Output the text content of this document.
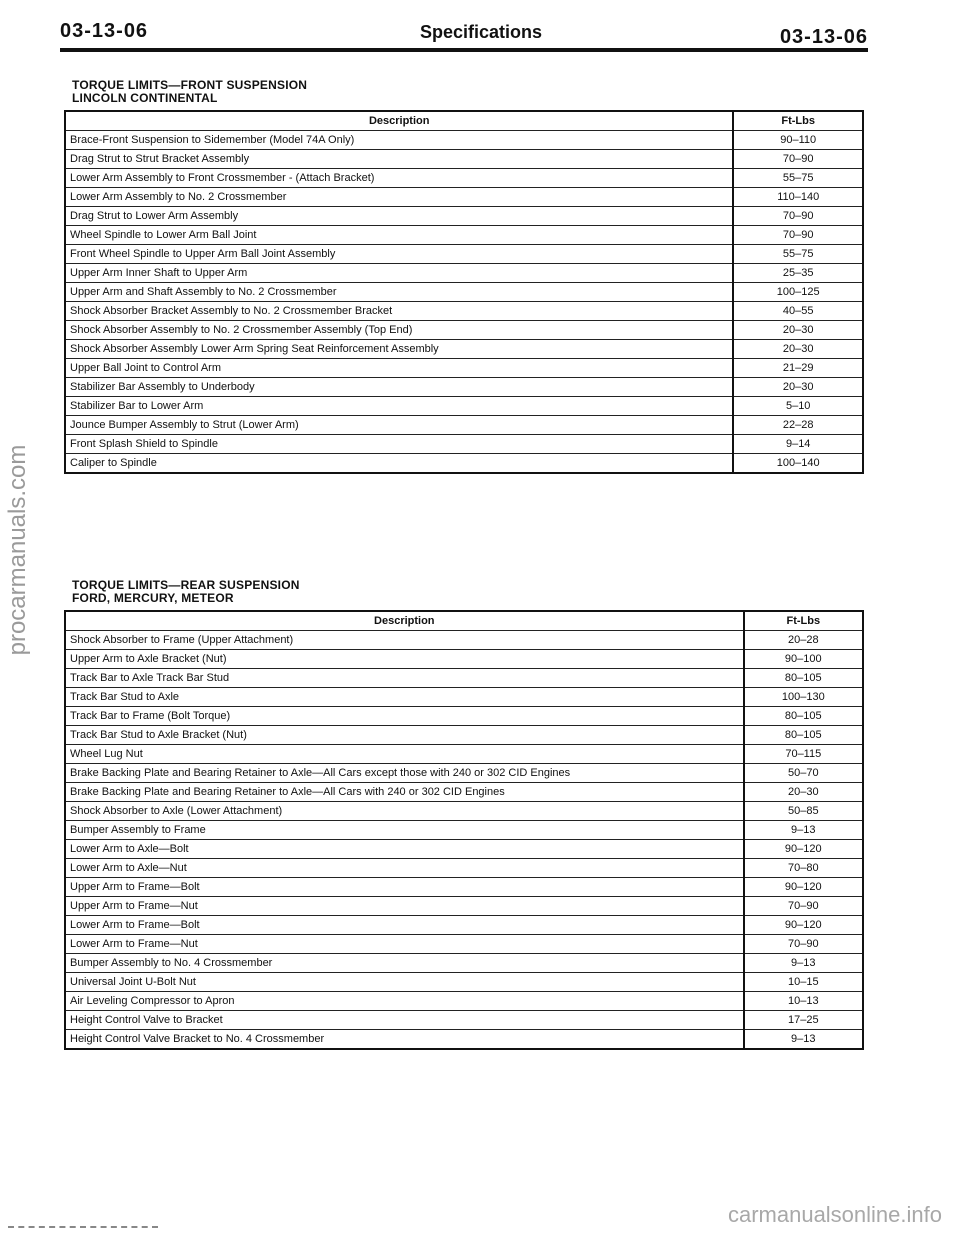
03-13-06	Specifications	03-13-06
TORQUE LIMITS—FRONT SUSPENSION
LINCOLN CONTINENTAL
Description	Ft-Lbs
Brace-Front Suspension to Sidemember (Model 74A Only)	90–110
Drag Strut to Strut Bracket Assembly	70–90
Lower Arm Assembly to Front Crossmember - (Attach Bracket)	55–75
Lower Arm Assembly to No. 2 Crossmember	110–140
Drag Strut to Lower Arm Assembly	70–90
Wheel Spindle to Lower Arm Ball Joint	70–90
Front Wheel Spindle to Upper Arm Ball Joint Assembly	55–75
Upper Arm Inner Shaft to Upper Arm	25–35
Upper Arm and Shaft Assembly to No. 2 Crossmember	100–125
Shock Absorber Bracket Assembly to No. 2 Crossmember Bracket	40–55
Shock Absorber Assembly to No. 2 Crossmember Assembly (Top End)	20–30
Shock Absorber Assembly Lower Arm Spring Seat Reinforcement Assembly	20–30
Upper Ball Joint to Control Arm	21–29
Stabilizer Bar Assembly to Underbody	20–30
Stabilizer Bar to Lower Arm	5–10
Jounce Bumper Assembly to Strut (Lower Arm)	22–28
Front Splash Shield to Spindle	9–14
Caliper to Spindle	100–140
TORQUE LIMITS—REAR SUSPENSION
FORD, MERCURY, METEOR
Description	Ft-Lbs
Shock Absorber to Frame (Upper Attachment)	20–28
Upper Arm to Axle Bracket (Nut)	90–100
Track Bar to Axle Track Bar Stud	80–105
Track Bar Stud to Axle	100–130
Track Bar to Frame (Bolt Torque)	80–105
Track Bar Stud to Axle Bracket (Nut)	80–105
Wheel Lug Nut	70–115
Brake Backing Plate and Bearing Retainer to Axle—All Cars except those with 240 or 302 CID Engines	50–70
Brake Backing Plate and Bearing Retainer to Axle—All Cars with 240 or 302 CID Engines	20–30
Shock Absorber to Axle (Lower Attachment)	50–85
Bumper Assembly to Frame	9–13
Lower Arm to Axle—Bolt	90–120
Lower Arm to Axle—Nut	70–80
Upper Arm to Frame—Bolt	90–120
Upper Arm to Frame—Nut	70–90
Lower Arm to Frame—Bolt	90–120
Lower Arm to Frame—Nut	70–90
Bumper Assembly to No. 4 Crossmember	9–13
Universal Joint U-Bolt Nut	10–15
Air Leveling Compressor to Apron	10–13
Height Control Valve to Bracket	17–25
Height Control Valve Bracket to No. 4 Crossmember	9–13
procarmanuals.com
carmanualsonline.info
